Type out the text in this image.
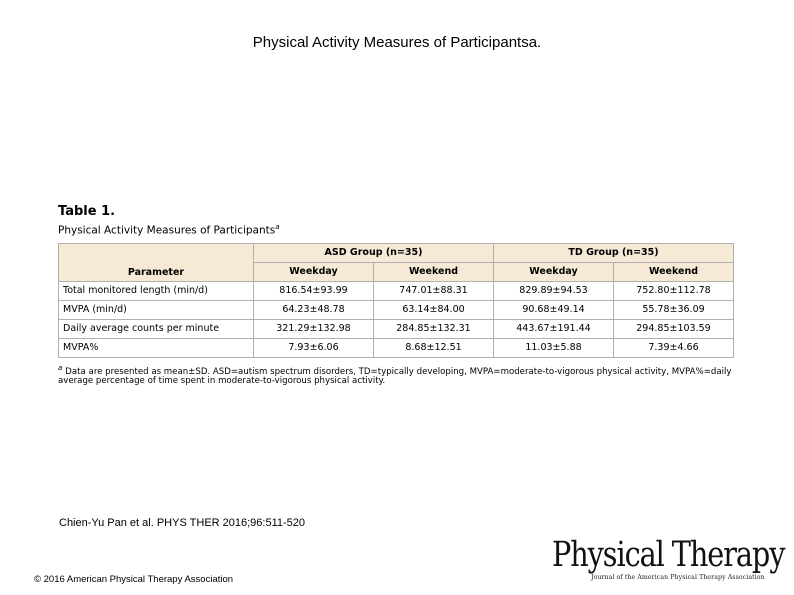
Physical Activity Measures of Participantsa.
Table 1.
Physical Activity Measures of Participants$^a$
Parameter	ASD Group (n=35)		TD Group (n=35)	
	Weekday	Weekend	Weekday	Weekend
Total monitored length (min/d)	816.54±93.99	747.01±88.31	829.89±94.53	752.80±112.78
MVPA (min/d)	64.23±48.78	63.14±84.00	90.68±49.14	55.78±36.09
Daily average counts per minute	321.29±132.98	284.85±132.31	443.67±191.44	294.85±103.59
MVPA%	7.93±6.06	8.68±12.51	11.03±5.88	7.39±4.66
$^a$ Data are presented as mean±SD. ASD=autism spectrum disorders, TD=typically developing, MVPA=moderate-to-vigorous physical activity, MVPA%=daily average percentage of time spent in moderate-to-vigorous physical activity.
Chien-Yu Pan et al. PHYS THER 2016;96:511-520
© 2016 American Physical Therapy Association
Physical Therapy
Journal of the American Physical Therapy Association
